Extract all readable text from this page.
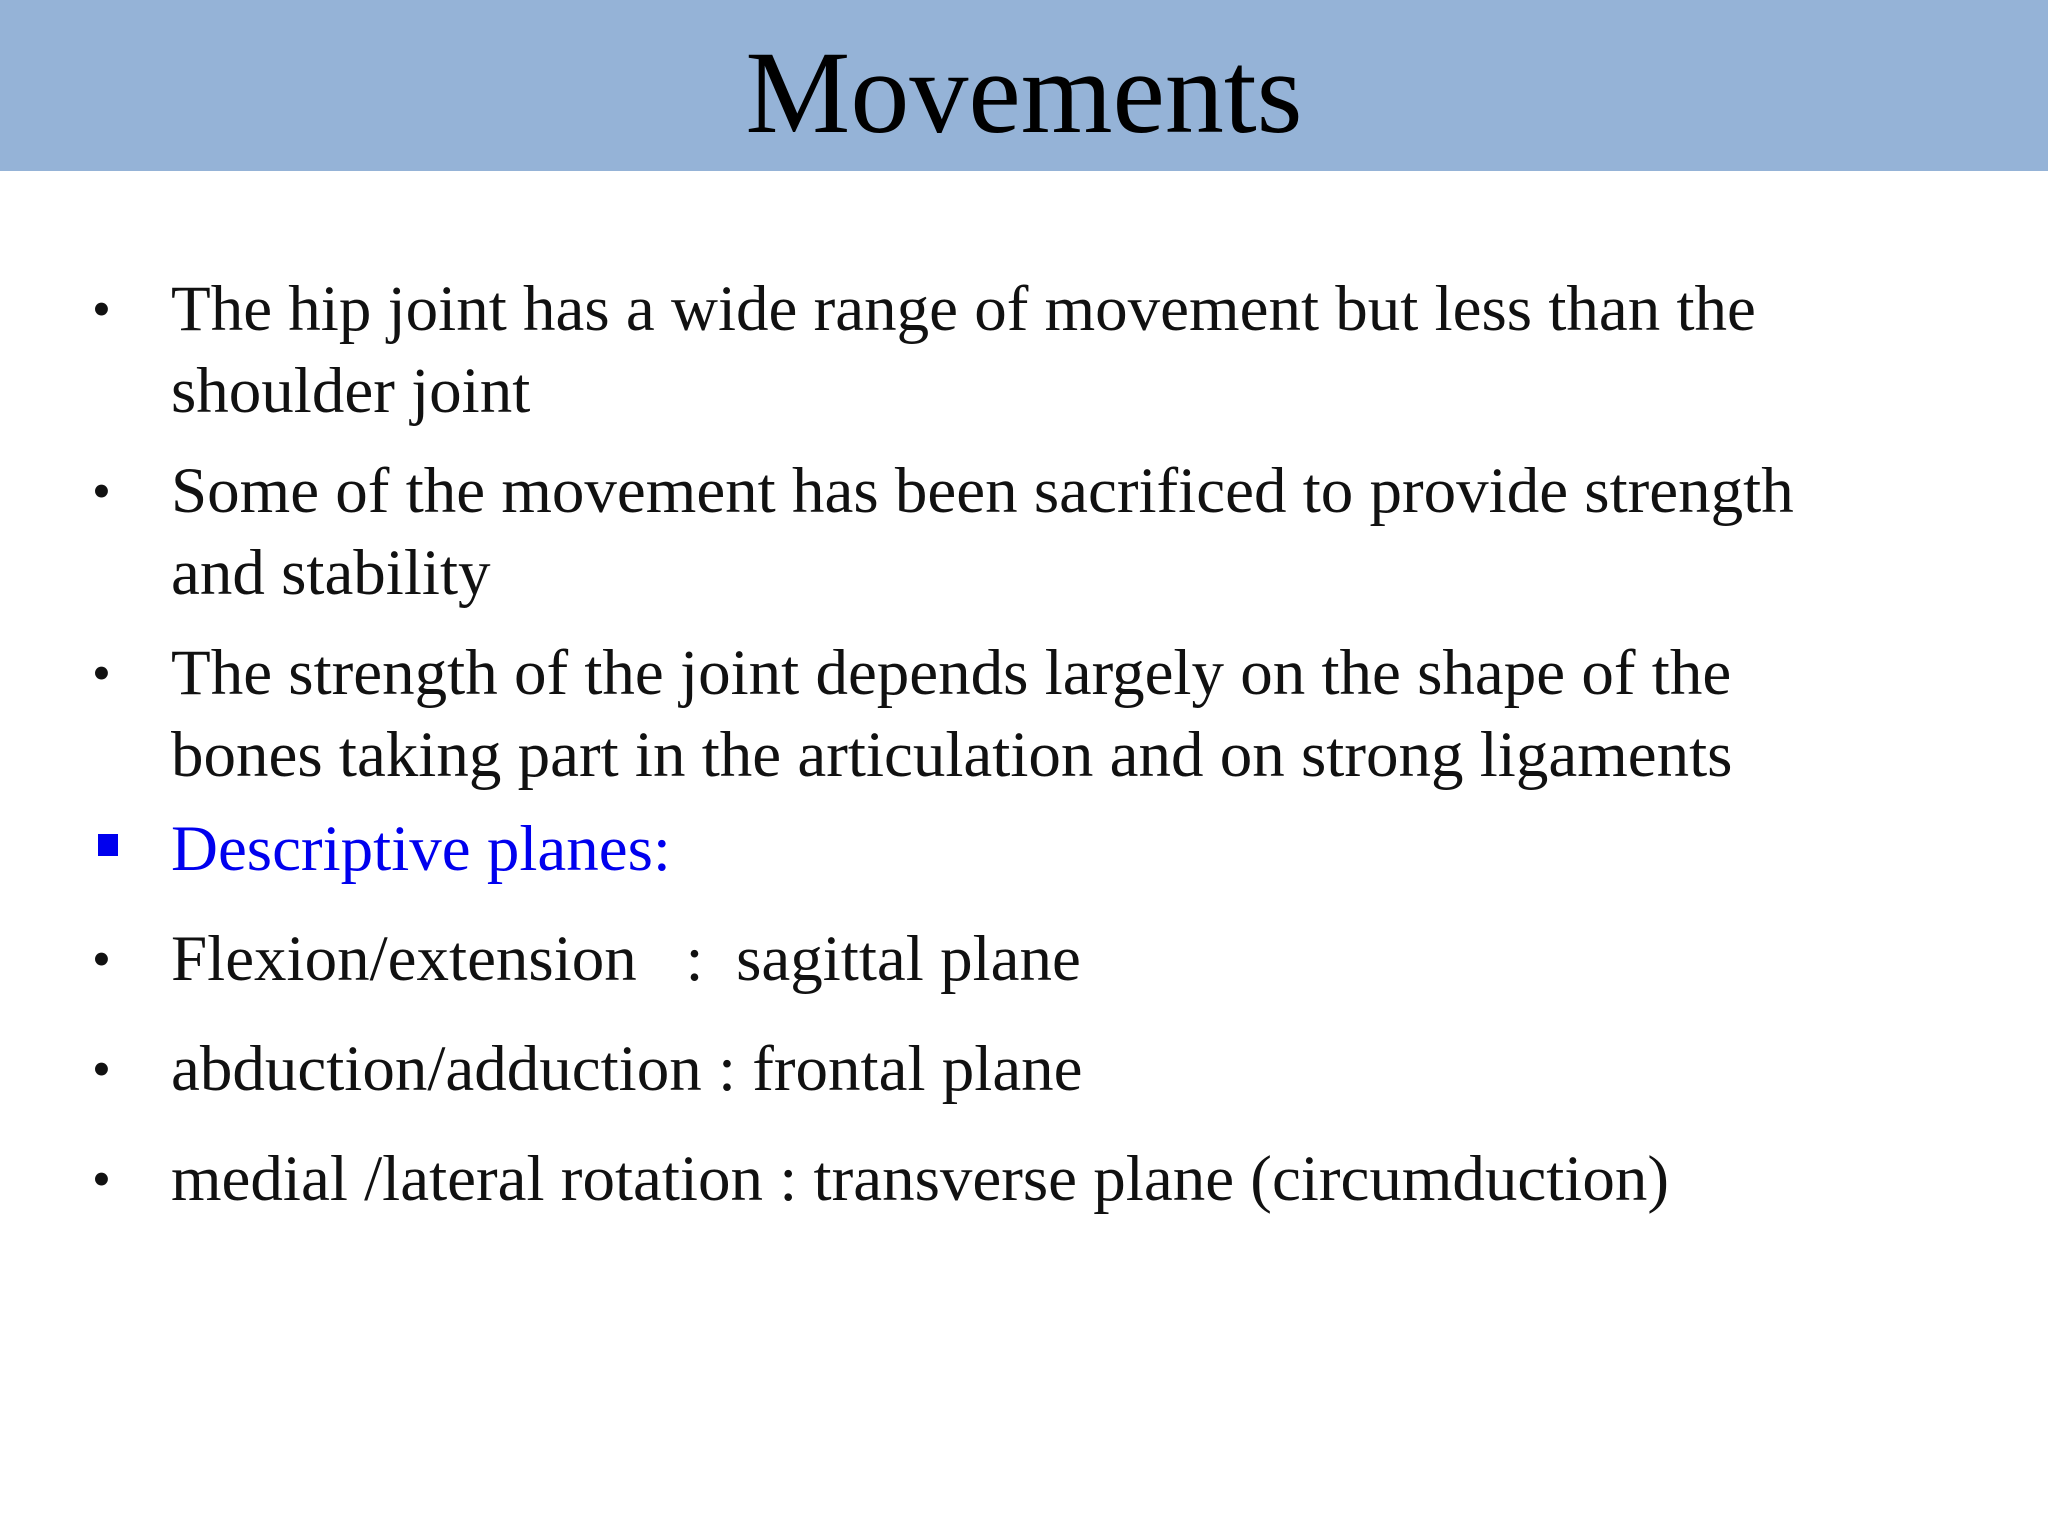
Movements
• The hip joint has a wide range of movement but less than the
shoulder joint
• Some of the movement has been sacrificed to provide strength
and stability
• The strength of the joint depends largely on the shape of the
bones taking part in the articulation and on strong ligaments
Descriptive planes:
• Flexion/extension   :  sagittal plane
• abduction/adduction : frontal plane
• medial /lateral rotation : transverse plane (circumduction)
